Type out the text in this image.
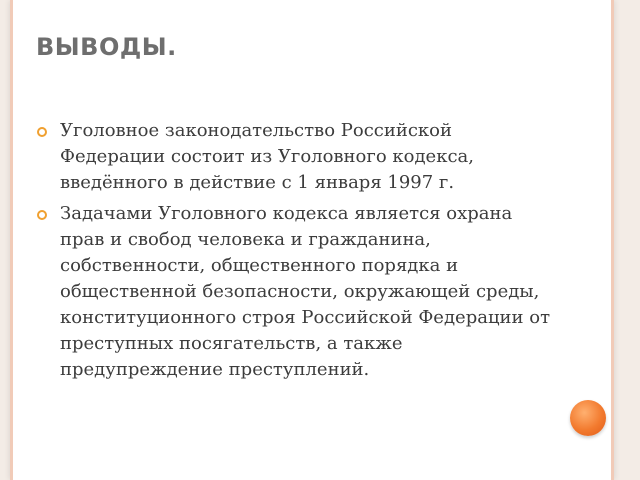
ВЫВОДЫ.
Уголовное законодательство Российской Федерации состоит из Уголовного кодекса, введённого в действие с 1 января 1997 г.
Задачами Уголовного кодекса является охрана прав и свобод человека и гражданина, собственности, общественного порядка и общественной безопасности, окружающей среды, конституционного строя Российской Федерации от преступных посягательств, а также предупреждение преступлений.
